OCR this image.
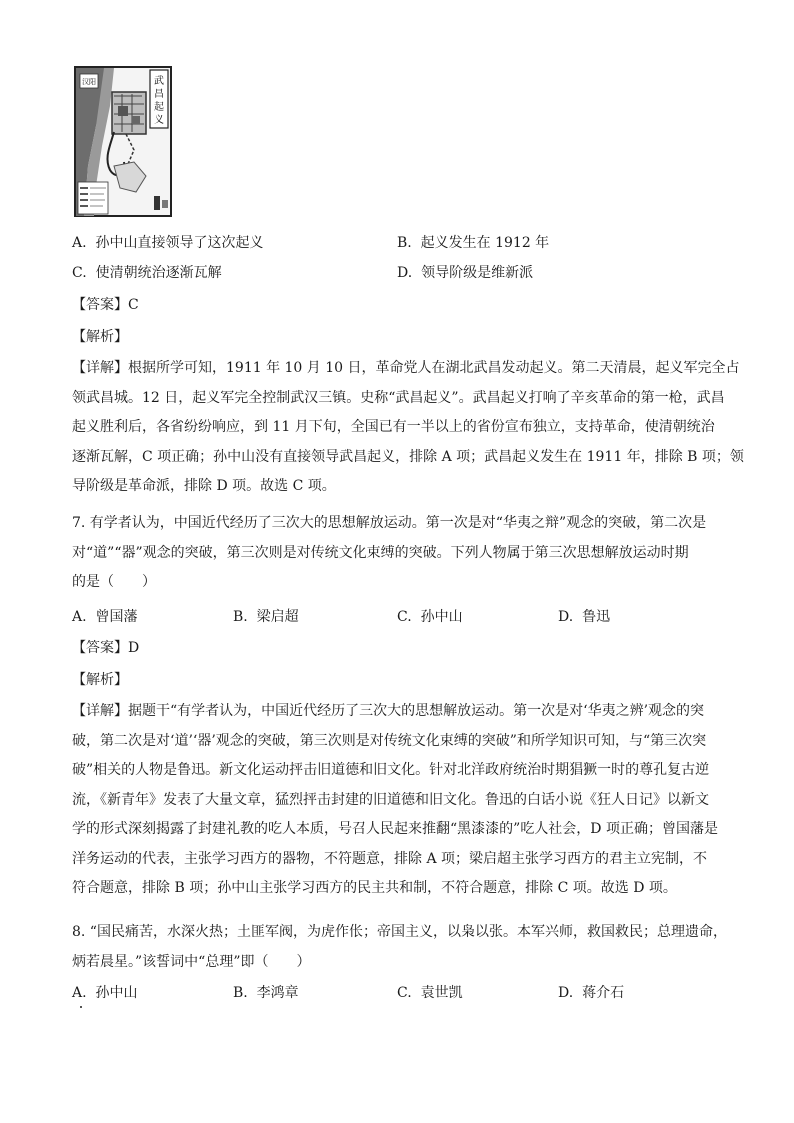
武
昌
起
义
汉阳
A. 孙中山直接领导了这次起义	B. 起义发生在 1912 年
C. 使清朝统治逐渐瓦解	D. 领导阶级是维新派
【答案】C
【解析】
【详解】根据所学可知，1911 年 10 月 10 日，革命党人在湖北武昌发动起义。第二天清晨，起义军完全占
领武昌城。12 日，起义军完全控制武汉三镇。史称“武昌起义”。武昌起义打响了辛亥革命的第一枪，武昌
起义胜利后，各省纷纷响应，到 11 月下旬，全国已有一半以上的省份宣布独立，支持革命，使清朝统治
逐渐瓦解，C 项正确；孙中山没有直接领导武昌起义，排除 A 项；武昌起义发生在 1911 年，排除 B 项；领
导阶级是革命派，排除 D 项。故选 C 项。
7. 有学者认为，中国近代经历了三次大的思想解放运动。第一次是对“华夷之辩”观念的突破，第二次是
对“道”“器”观念的突破，第三次则是对传统文化束缚的突破。下列人物属于第三次思想解放运动时期
的是（　　）
A. 曾国藩	B. 梁启超	C. 孙中山	D. 鲁迅
【答案】D
【解析】
【详解】据题干“有学者认为，中国近代经历了三次大的思想解放运动。第一次是对‘华夷之辨’观念的突
破，第二次是对‘道’‘器’观念的突破，第三次则是对传统文化束缚的突破”和所学知识可知，与“第三次突
破”相关的人物是鲁迅。新文化运动抨击旧道德和旧文化。针对北洋政府统治时期猖獗一时的尊孔复古逆
流，《新青年》发表了大量文章，猛烈抨击封建的旧道德和旧文化。鲁迅的白话小说《狂人日记》以新文
学的形式深刻揭露了封建礼教的吃人本质，号召人民起来推翻“黑漆漆的”吃人社会，D 项正确；曾国藩是
洋务运动的代表，主张学习西方的器物，不符题意，排除 A 项；梁启超主张学习西方的君主立宪制，不
符合题意，排除 B 项；孙中山主张学习西方的民主共和制，不符合题意，排除 C 项。故选 D 项。
8. “国民痛苦，水深火热；土匪军阀，为虎作伥；帝国主义，以枭以张。本军兴师，救国救民；总理遗命，
炳若晨星。”该誓词中“总理”即（　　）
A. 孙中山	B. 李鸿章	C. 袁世凯	D. 蒋介石
